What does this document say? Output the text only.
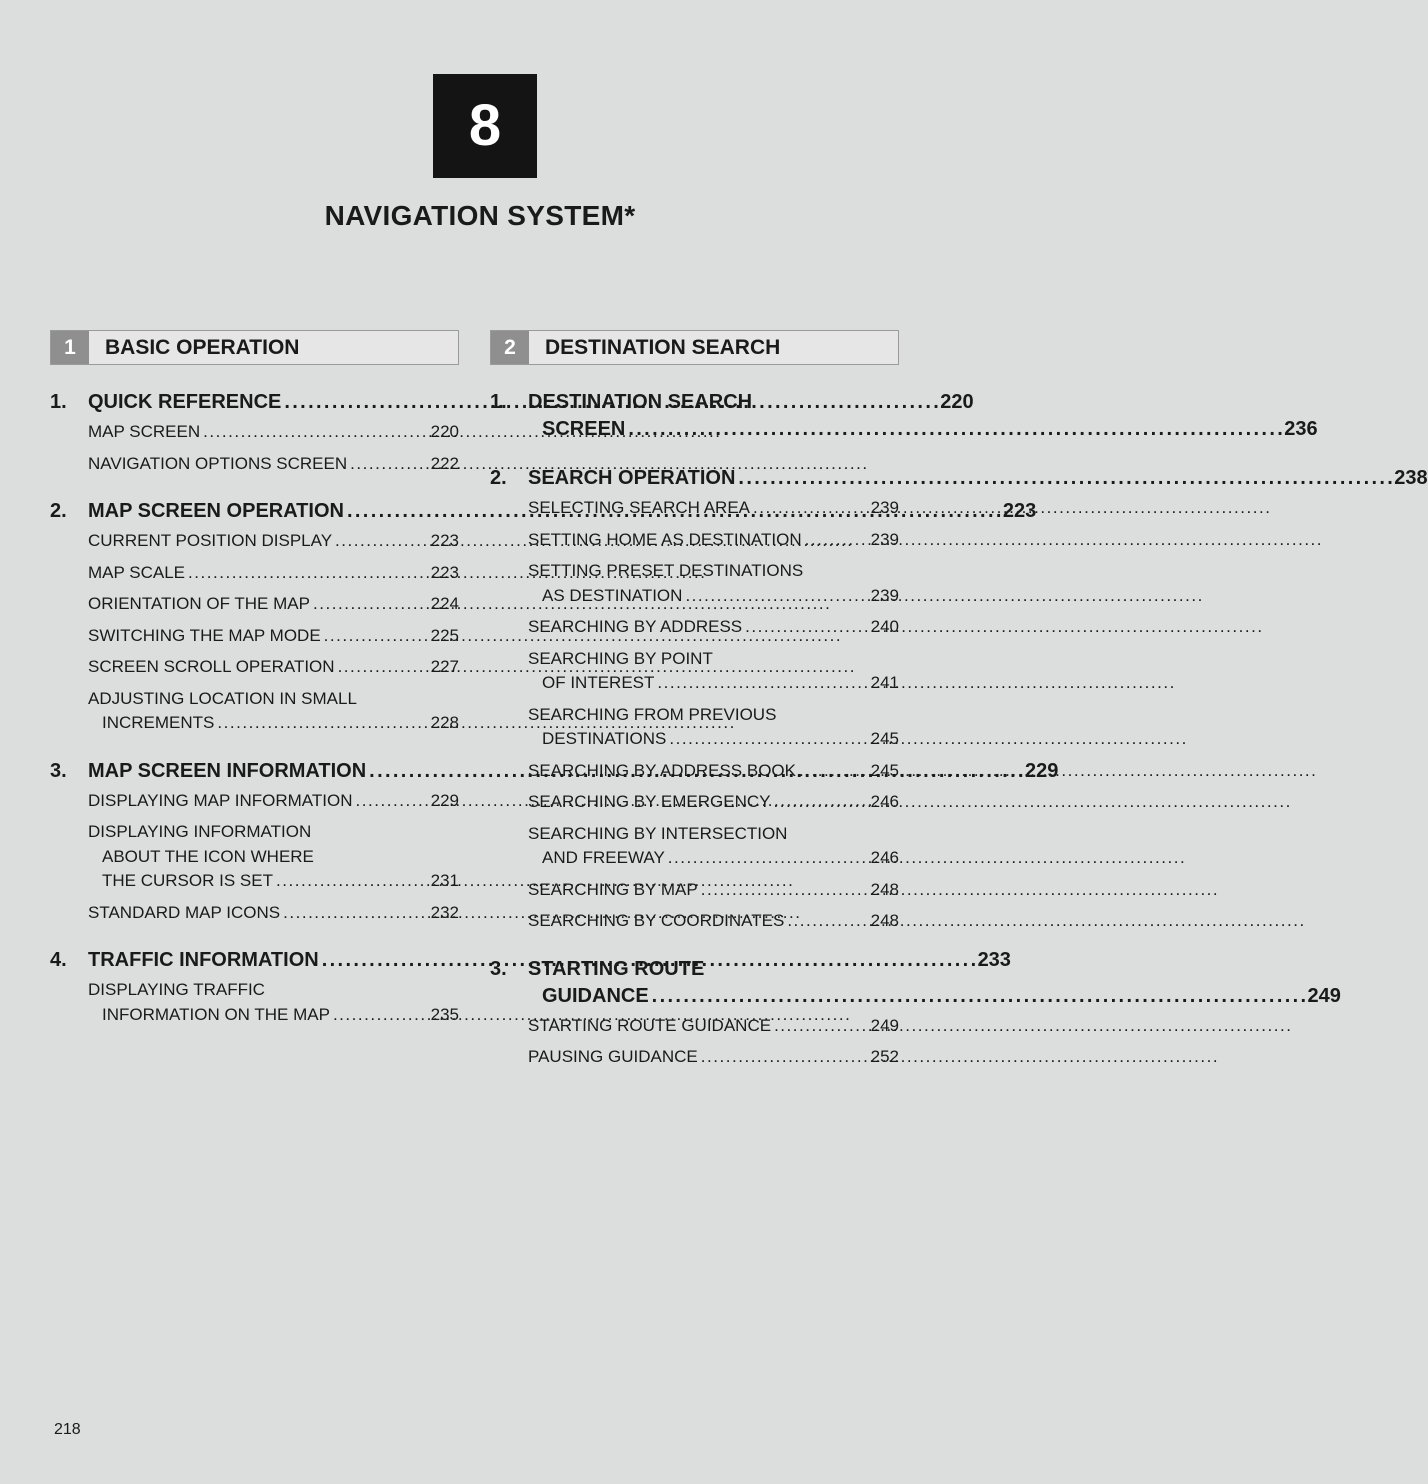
8
NAVIGATION SYSTEM*
1	BASIC OPERATION
1.	QUICK REFERENCE . . .	220
MAP SCREEN . . .	220
NAVIGATION OPTIONS SCREEN . . .	222
2.	MAP SCREEN OPERATION . . .	223
CURRENT POSITION DISPLAY . . .	223
MAP SCALE . . .	223
ORIENTATION OF THE MAP . . .	224
SWITCHING THE MAP MODE . . .	225
SCREEN SCROLL OPERATION . . .	227
ADJUSTING LOCATION IN SMALL
INCREMENTS . . .	228
3.	MAP SCREEN INFORMATION . . .	229
DISPLAYING MAP INFORMATION . . .	229
DISPLAYING INFORMATION
ABOUT THE ICON WHERE
THE CURSOR IS SET . . .	231
STANDARD MAP ICONS . . .	232
4.	TRAFFIC INFORMATION . . .	233
DISPLAYING TRAFFIC
INFORMATION ON THE MAP . . .	235
2	DESTINATION SEARCH
1.	DESTINATION SEARCH
SCREEN . . .	236
2.	SEARCH OPERATION . . .	238
SELECTING SEARCH AREA . . .	239
SETTING HOME AS DESTINATION . . .	239
SETTING PRESET DESTINATIONS
AS DESTINATION . . .	239
SEARCHING BY ADDRESS . . .	240
SEARCHING BY POINT
OF INTEREST . . .	241
SEARCHING FROM PREVIOUS
DESTINATIONS . . .	245
SEARCHING BY ADDRESS BOOK . . .	245
SEARCHING BY EMERGENCY . . .	246
SEARCHING BY INTERSECTION
AND FREEWAY . . .	246
SEARCHING BY MAP . . .	248
SEARCHING BY COORDINATES . . .	248
3.	STARTING ROUTE
GUIDANCE . . .	249
STARTING ROUTE GUIDANCE . . .	249
PAUSING GUIDANCE . . .	252
218
